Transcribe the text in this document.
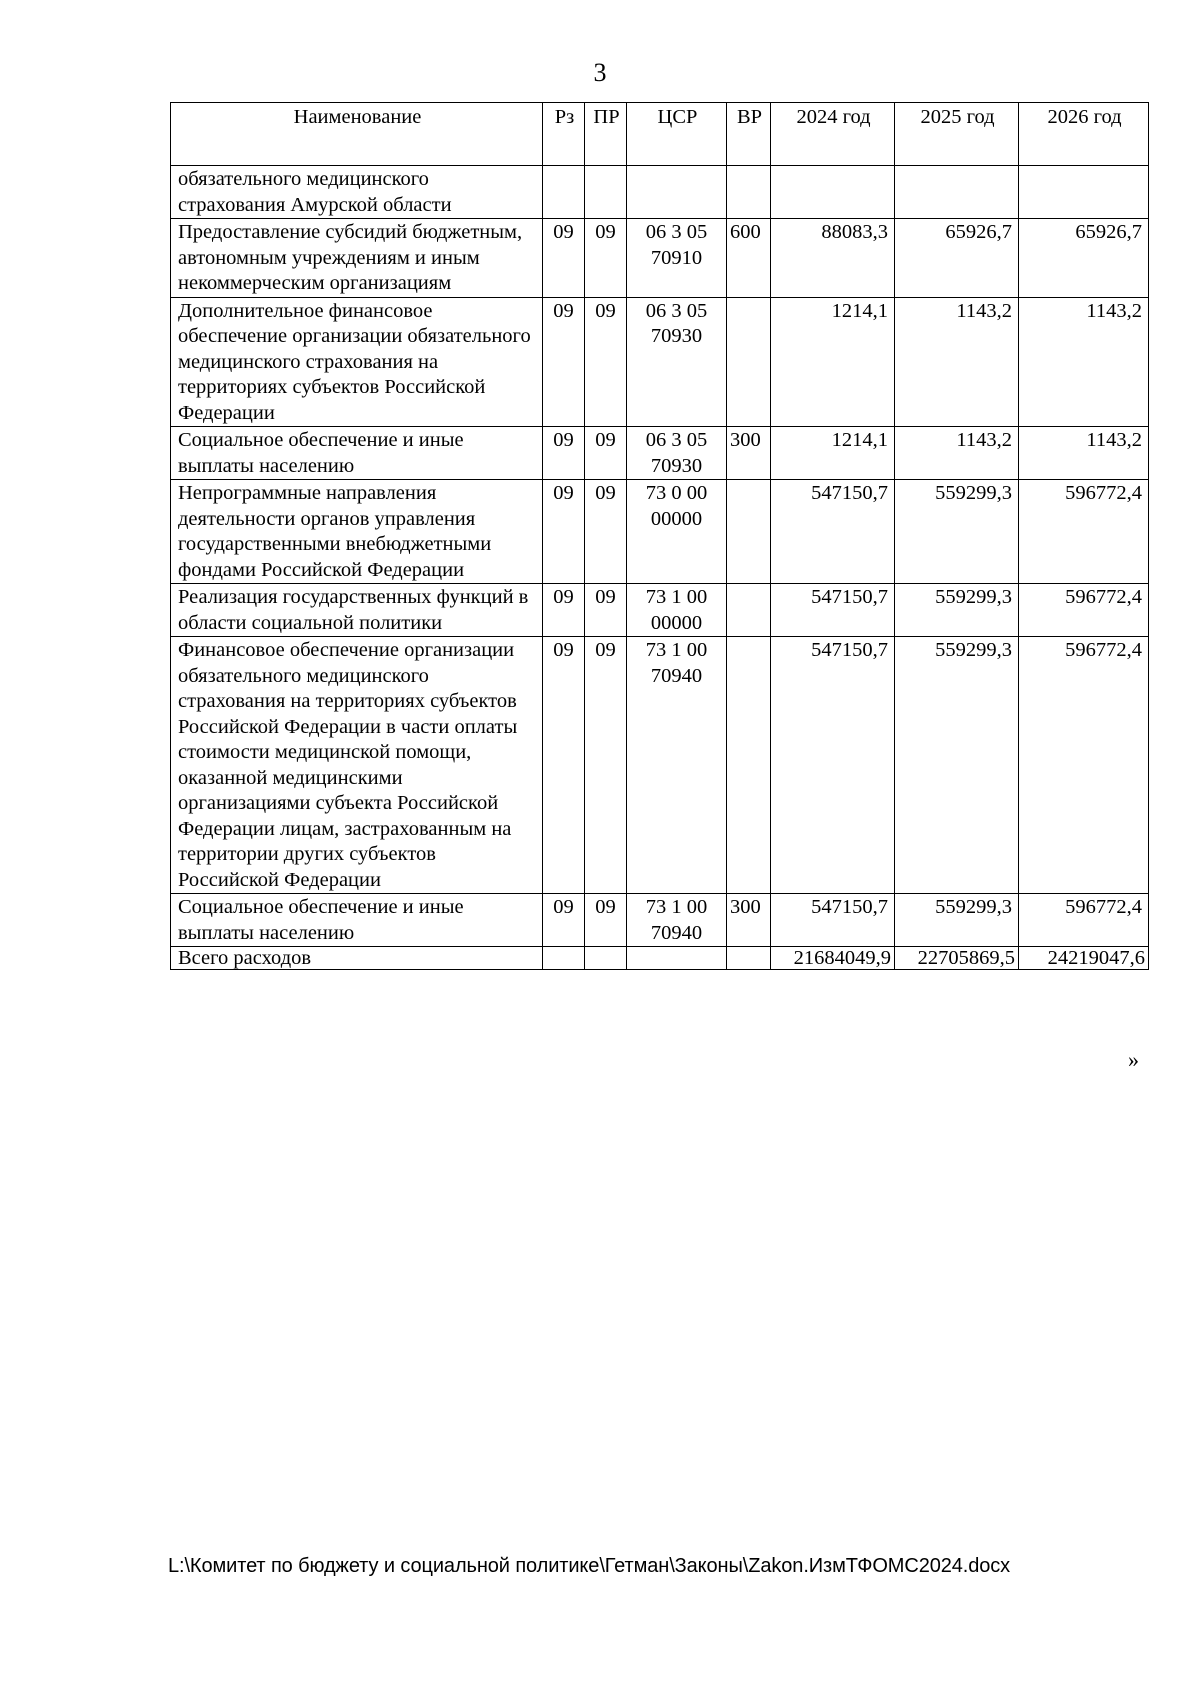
3
Наименование	Рз	ПР	ЦСР	ВР	2024 год	2025 год	2026 год
обязательного медицинского страхования Амурской области							
Предоставление субсидий бюджетным, автономным учреждениям и иным некоммерческим организациям	09	09	06 3 05 70910	600	88083,3	65926,7	65926,7
Дополнительное финансовое обеспечение организации обязательного медицинского страхования на территориях субъектов Российской Федерации	09	09	06 3 05 70930		1214,1	1143,2	1143,2
Социальное обеспечение и иные выплаты населению	09	09	06 3 05 70930	300	1214,1	1143,2	1143,2
Непрограммные направления деятельности органов управления государственными внебюджетными фондами Российской Федерации	09	09	73 0 00 00000		547150,7	559299,3	596772,4
Реализация государственных функций в области социальной политики	09	09	73 1 00 00000		547150,7	559299,3	596772,4
Финансовое обеспечение организации обязательного медицинского страхования на территориях субъектов Российской Федерации в части оплаты стоимости медицинской помощи, оказанной медицинскими организациями субъекта Российской Федерации лицам, застрахованным на территории других субъектов Российской Федерации	09	09	73 1 00 70940		547150,7	559299,3	596772,4
Социальное обеспечение и иные выплаты населению	09	09	73 1 00 70940	300	547150,7	559299,3	596772,4
Всего расходов					21684049,9	22705869,5	24219047,6
»
L:\Комитет по бюджету и социальной политике\Гетман\Законы\Zakon.ИзмТФОМС2024.docx
